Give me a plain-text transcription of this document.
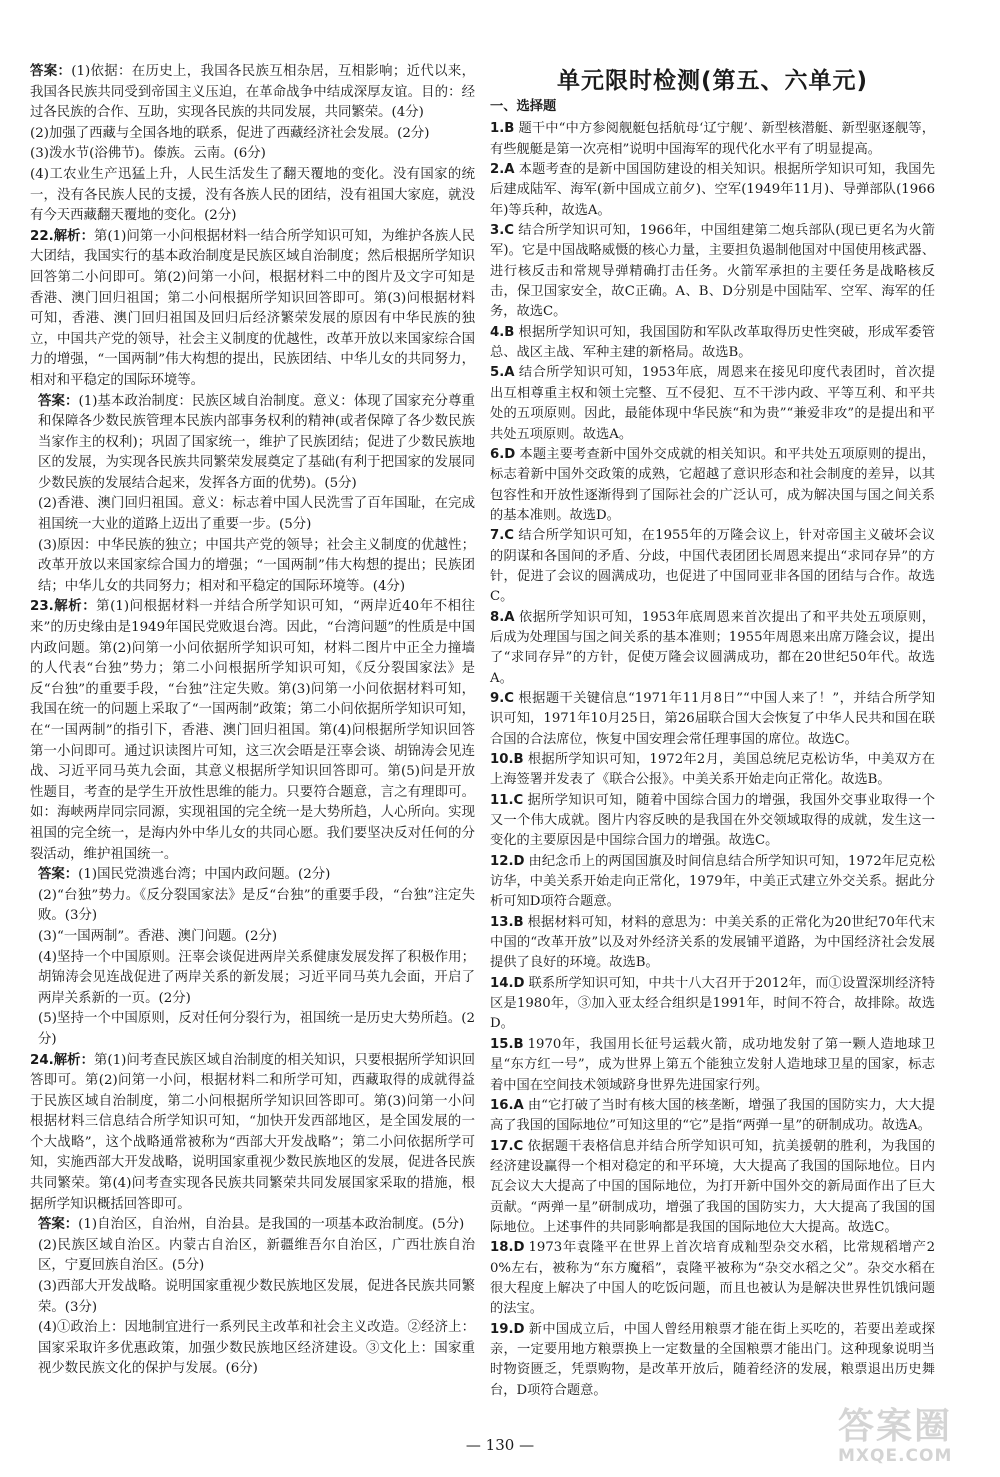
答案：(1)依据：在历史上，我国各民族互相杂居，互相影响；近代以来，我国各民族共同受到帝国主义压迫，在革命战争中结成深厚友谊。目的：经过各民族的合作、互助，实现各民族的共同发展，共同繁荣。(4分)

(2)加强了西藏与全国各地的联系，促进了西藏经济社会发展。(2分)

(3)泼水节(浴佛节)。傣族。云南。(6分)

(4)工农业生产迅猛上升，人民生活发生了翻天覆地的变化。没有国家的统一，没有各民族人民的支援，没有各族人民的团结，没有祖国大家庭，就没有今天西藏翻天覆地的变化。(2分)

22.解析：第(1)问第一小问根据材料一结合所学知识可知，为维护各族人民大团结，我国实行的基本政治制度是民族区域自治制度；然后根据所学知识回答第二小问即可。第(2)问第一小问，根据材料二中的图片及文字可知是香港、澳门回归祖国；第二小问根据所学知识回答即可。第(3)问根据材料可知，香港、澳门回归祖国及回归后经济繁荣发展的原因有中华民族的独立，中国共产党的领导，社会主义制度的优越性，改革开放以来国家综合国力的增强，“一国两制”伟大构想的提出，民族团结、中华儿女的共同努力，相对和平稳定的国际环境等。

答案：(1)基本政治制度：民族区域自治制度。意义：体现了国家充分尊重和保障各少数民族管理本民族内部事务权利的精神(或者保障了各少数民族当家作主的权利)；巩固了国家统一，维护了民族团结；促进了少数民族地区的发展，为实现各民族共同繁荣发展奠定了基础(有利于把国家的发展同少数民族的发展结合起来，发挥各方面的优势)。(5分)

(2)香港、澳门回归祖国。意义：标志着中国人民洗雪了百年国耻，在完成祖国统一大业的道路上迈出了重要一步。(5分)

(3)原因：中华民族的独立；中国共产党的领导；社会主义制度的优越性；改革开放以来国家综合国力的增强；“一国两制”伟大构想的提出；民族团结；中华儿女的共同努力；相对和平稳定的国际环境等。(4分)

23.解析：第(1)问根据材料一并结合所学知识可知，“两岸近40年不相往来”的历史缘由是1949年国民党败退台湾。因此，“台湾问题”的性质是中国内政问题。第(2)问第一小问依据所学知识可知，材料二图片中正全力撞墙的人代表“台独”势力；第二小问根据所学知识可知，《反分裂国家法》是反“台独”的重要手段，“台独”注定失败。第(3)问第一小问依据材料可知，我国在统一的问题上采取了“一国两制”政策；第二小问依据所学知识可知，在“一国两制”的指引下，香港、澳门回归祖国。第(4)问根据所学知识回答第一小问即可。通过识读图片可知，这三次会晤是汪辜会谈、胡锦涛会见连战、习近平同马英九会面，其意义根据所学知识回答即可。第(5)问是开放性题目，考查的是学生开放性思维的能力。只要符合题意，言之有理即可。如：海峡两岸同宗同源，实现祖国的完全统一是大势所趋，人心所向。实现祖国的完全统一，是海内外中华儿女的共同心愿。我们要坚决反对任何的分裂活动，维护祖国统一。

答案：(1)国民党溃逃台湾；中国内政问题。(2分)

(2)“台独”势力。《反分裂国家法》是反“台独”的重要手段，“台独”注定失败。(3分)

(3)“一国两制”。香港、澳门问题。(2分)

(4)坚持一个中国原则。汪辜会谈促进两岸关系健康发展发挥了积极作用；胡锦涛会见连战促进了两岸关系的新发展；习近平同马英九会面，开启了两岸关系新的一页。(2分)

(5)坚持一个中国原则，反对任何分裂行为，祖国统一是历史大势所趋。(2分)

24.解析：第(1)问考查民族区域自治制度的相关知识，只要根据所学知识回答即可。第(2)问第一小问，根据材料二和所学可知，西藏取得的成就得益于民族区域自治制度，第二小问根据所学知识回答即可。第(3)问第一小问根据材料三信息结合所学知识可知，“加快开发西部地区，是全国发展的一个大战略”，这个战略通常被称为“西部大开发战略”；第二小问依据所学可知，实施西部大开发战略，说明国家重视少数民族地区的发展，促进各民族共同繁荣。第(4)问考查实现各民族共同繁荣共同发展国家采取的措施，根据所学知识概括回答即可。

答案：(1)自治区，自治州，自治县。是我国的一项基本政治制度。(5分)

(2)民族区域自治区。内蒙古自治区，新疆维吾尔自治区，广西壮族自治区，宁夏回族自治区。(5分)

(3)西部大开发战略。说明国家重视少数民族地区发展，促进各民族共同繁荣。(3分)

(4)①政治上：因地制宜进行一系列民主改革和社会主义改造。②经济上：国家采取许多优惠政策，加强少数民族地区经济建设。③文化上：国家重视少数民族文化的保护与发展。(6分)

单元限时检测(第五、六单元)
一、选择题

1.B 题干中“中方参阅舰艇包括航母‘辽宁舰’、新型核潜艇、新型驱逐舰等，有些舰艇是第一次亮相”说明中国海军的现代化水平有了明显提高。

2.A 本题考查的是新中国国防建设的相关知识。根据所学知识可知，我国先后建成陆军、海军(新中国成立前夕)、空军(1949年11月)、导弹部队(1966年)等兵种，故选A。

3.C 结合所学知识可知，1966年，中国组建第二炮兵部队(现已更名为火箭军)。它是中国战略威慑的核心力量，主要担负遏制他国对中国使用核武器、进行核反击和常规导弹精确打击任务。火箭军承担的主要任务是战略核反击，保卫国家安全，故C正确。A、B、D分别是中国陆军、空军、海军的任务，故选C。

4.B 根据所学知识可知，我国国防和军队改革取得历史性突破，形成军委管总、战区主战、军种主建的新格局。故选B。

5.A 结合所学知识可知，1953年底，周恩来在接见印度代表团时，首次提出互相尊重主权和领土完整、互不侵犯、互不干涉内政、平等互利、和平共处的五项原则。因此，最能体现中华民族“和为贵”“兼爱非攻”的是提出和平共处五项原则。故选A。

6.D 本题主要考查新中国外交成就的相关知识。和平共处五项原则的提出，标志着新中国外交政策的成熟，它超越了意识形态和社会制度的差异，以其包容性和开放性逐渐得到了国际社会的广泛认可，成为解决国与国之间关系的基本准则。故选D。

7.C 结合所学知识可知，在1955年的万隆会议上，针对帝国主义破坏会议的阴谋和各国间的矛盾、分歧，中国代表团团长周恩来提出“求同存异”的方针，促进了会议的圆满成功，也促进了中国同亚非各国的团结与合作。故选C。

8.A 依据所学知识可知，1953年底周恩来首次提出了和平共处五项原则，后成为处理国与国之间关系的基本准则；1955年周恩来出席万隆会议，提出了“求同存异”的方针，促使万隆会议圆满成功，都在20世纪50年代。故选A。

9.C 根据题干关键信息“1971年11月8日”“中国人来了！”，并结合所学知识可知，1971年10月25日，第26届联合国大会恢复了中华人民共和国在联合国的合法席位，恢复中国安理会常任理事国的席位。故选C。

10.B 根据所学知识可知，1972年2月，美国总统尼克松访华，中美双方在上海签署并发表了《联合公报》。中美关系开始走向正常化。故选B。

11.C 据所学知识可知，随着中国综合国力的增强，我国外交事业取得一个又一个伟大成就。图片内容反映的是我国在外交领域取得的成就，发生这一变化的主要原因是中国综合国力的增强。故选C。

12.D 由纪念币上的两国国旗及时间信息结合所学知识可知，1972年尼克松访华，中美关系开始走向正常化，1979年，中美正式建立外交关系。据此分析可知D项符合题意。

13.B 根据材料可知，材料的意思为：中美关系的正常化为20世纪70年代末中国的“改革开放”以及对外经济关系的发展铺平道路，为中国经济社会发展提供了良好的环境。故选B。

14.D 联系所学知识可知，中共十八大召开于2012年，而①设置深圳经济特区是1980年，③加入亚太经合组织是1991年，时间不符合，故排除。故选D。

15.B 1970年，我国用长征号运载火箭，成功地发射了第一颗人造地球卫星“东方红一号”，成为世界上第五个能独立发射人造地球卫星的国家，标志着中国在空间技术领域跻身世界先进国家行列。

16.A 由“它打破了当时有核大国的核垄断，增强了我国的国防实力，大大提高了我国的国际地位”可知这里的“它”是指“两弹一星”的研制成功。故选A。

17.C 依据题干表格信息并结合所学知识可知，抗美援朝的胜利，为我国的经济建设赢得一个相对稳定的和平环境，大大提高了我国的国际地位。日内瓦会议大大提高了中国的国际地位，为打开新中国外交的新局面作出了巨大贡献。“两弹一星”研制成功，增强了我国的国防实力，大大提高了我国的国际地位。上述事件的共同影响都是我国的国际地位大大提高。故选C。

18.D 1973年袁隆平在世界上首次培育成籼型杂交水稻，比常规稻增产20%左右，被称为“东方魔稻”，袁隆平被称为“杂交水稻之父”。杂交水稻在很大程度上解决了中国人的吃饭问题，而且也被认为是解决世界性饥饿问题的法宝。

19.D 新中国成立后，中国人曾经用粮票才能在街上买吃的，若要出差或探亲，一定要用地方粮票换上一定数量的全国粮票才能出门。这种现象说明当时物资匮乏，凭票购物，是改革开放后，随着经济的发展，粮票退出历史舞台，D项符合题意。

— 130 —	答案圈
MXQE.COM
